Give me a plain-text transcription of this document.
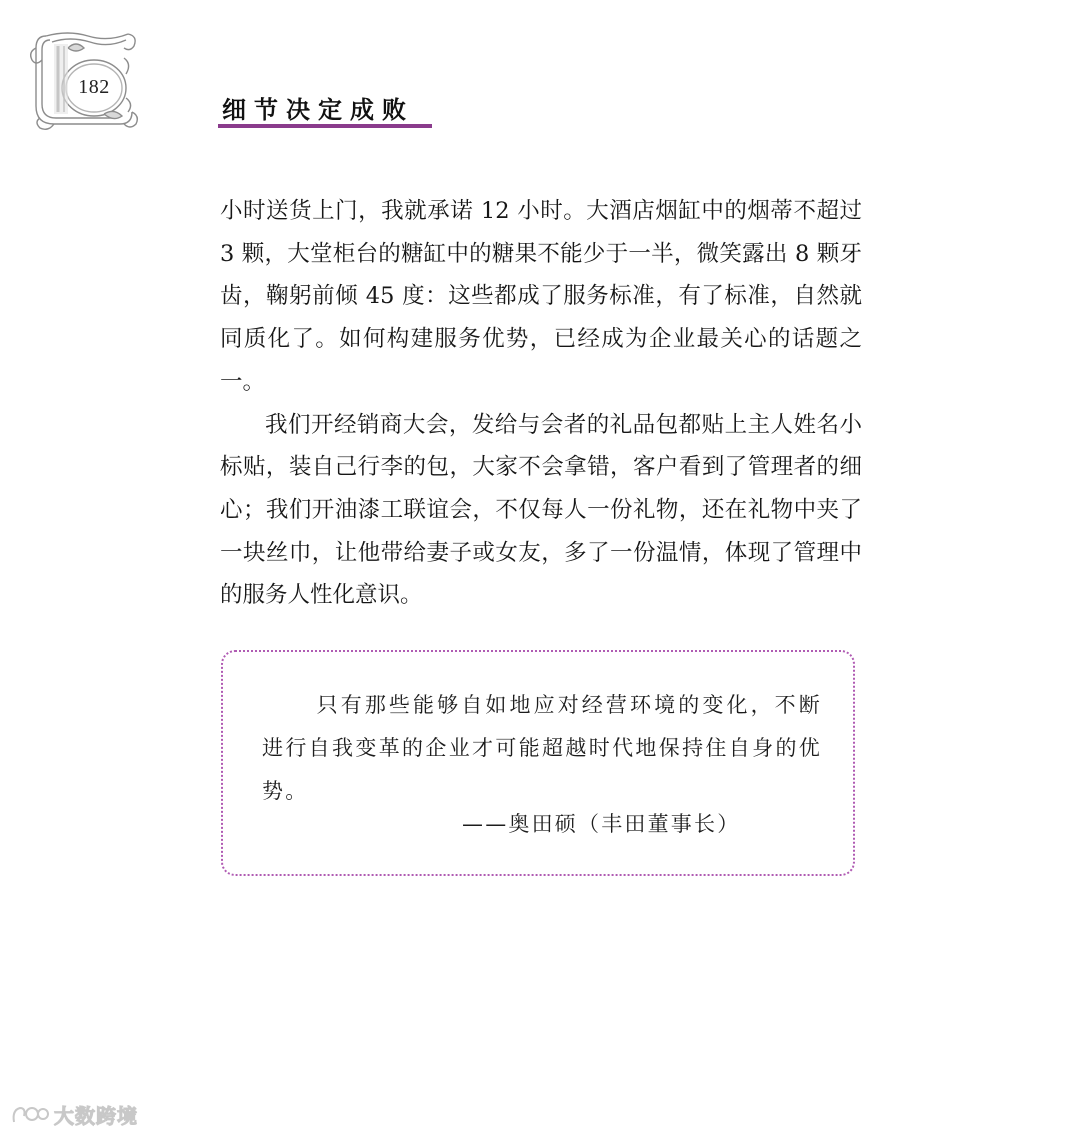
182
细节决定成败

小时送货上门，我就承诺 12 小时。大酒店烟缸中的烟蒂不超过 3 颗，大堂柜台的糖缸中的糖果不能少于一半，微笑露出 8 颗牙齿，鞠躬前倾 45 度：这些都成了服务标准，有了标准，自然就同质化了。如何构建服务优势，已经成为企业最关心的话题之一。

我们开经销商大会，发给与会者的礼品包都贴上主人姓名小标贴，装自己行李的包，大家不会拿错，客户看到了管理者的细心；我们开油漆工联谊会，不仅每人一份礼物，还在礼物中夹了一块丝巾，让他带给妻子或女友，多了一份温情，体现了管理中的服务人性化意识。

只有那些能够自如地应对经营环境的变化，不断进行自我变革的企业才可能超越时代地保持住自身的优势。
——奥田硕（丰田董事长）
大数跨境
